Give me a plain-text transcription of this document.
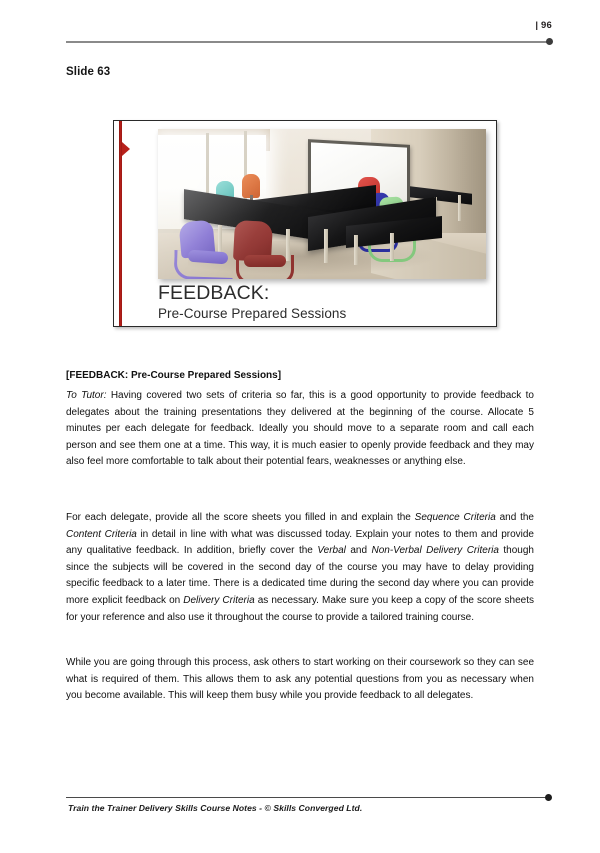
| 96
Slide 63
FEEDBACK:
Pre-Course Prepared Sessions
[FEEDBACK: Pre-Course Prepared Sessions]
To Tutor: Having covered two sets of criteria so far, this is a good opportunity to provide feedback to delegates about the training presentations they delivered at the beginning of the course. Allocate 5 minutes per each delegate for feedback. Ideally you should move to a separate room and call each person and see them one at a time. This way, it is much easier to openly provide feedback and they may also feel more comfortable to talk about their potential fears, weaknesses or anything else.
For each delegate, provide all the score sheets you filled in and explain the Sequence Criteria and the Content Criteria in detail in line with what was discussed today. Explain your notes to them and provide any qualitative feedback. In addition, briefly cover the Verbal and Non-Verbal Delivery Criteria though since the subjects will be covered in the second day of the course you may have to delay providing specific feedback to a later time. There is a dedicated time during the second day where you can provide more explicit feedback on Delivery Criteria as necessary. Make sure you keep a copy of the score sheets for your reference and also use it throughout the course to provide a tailored training course.
While you are going through this process, ask others to start working on their coursework so they can see what is required of them. This allows them to ask any potential questions from you as necessary when you become available. This will keep them busy while you provide feedback to all delegates.
Train the Trainer Delivery Skills Course Notes - © Skills Converged Ltd.
